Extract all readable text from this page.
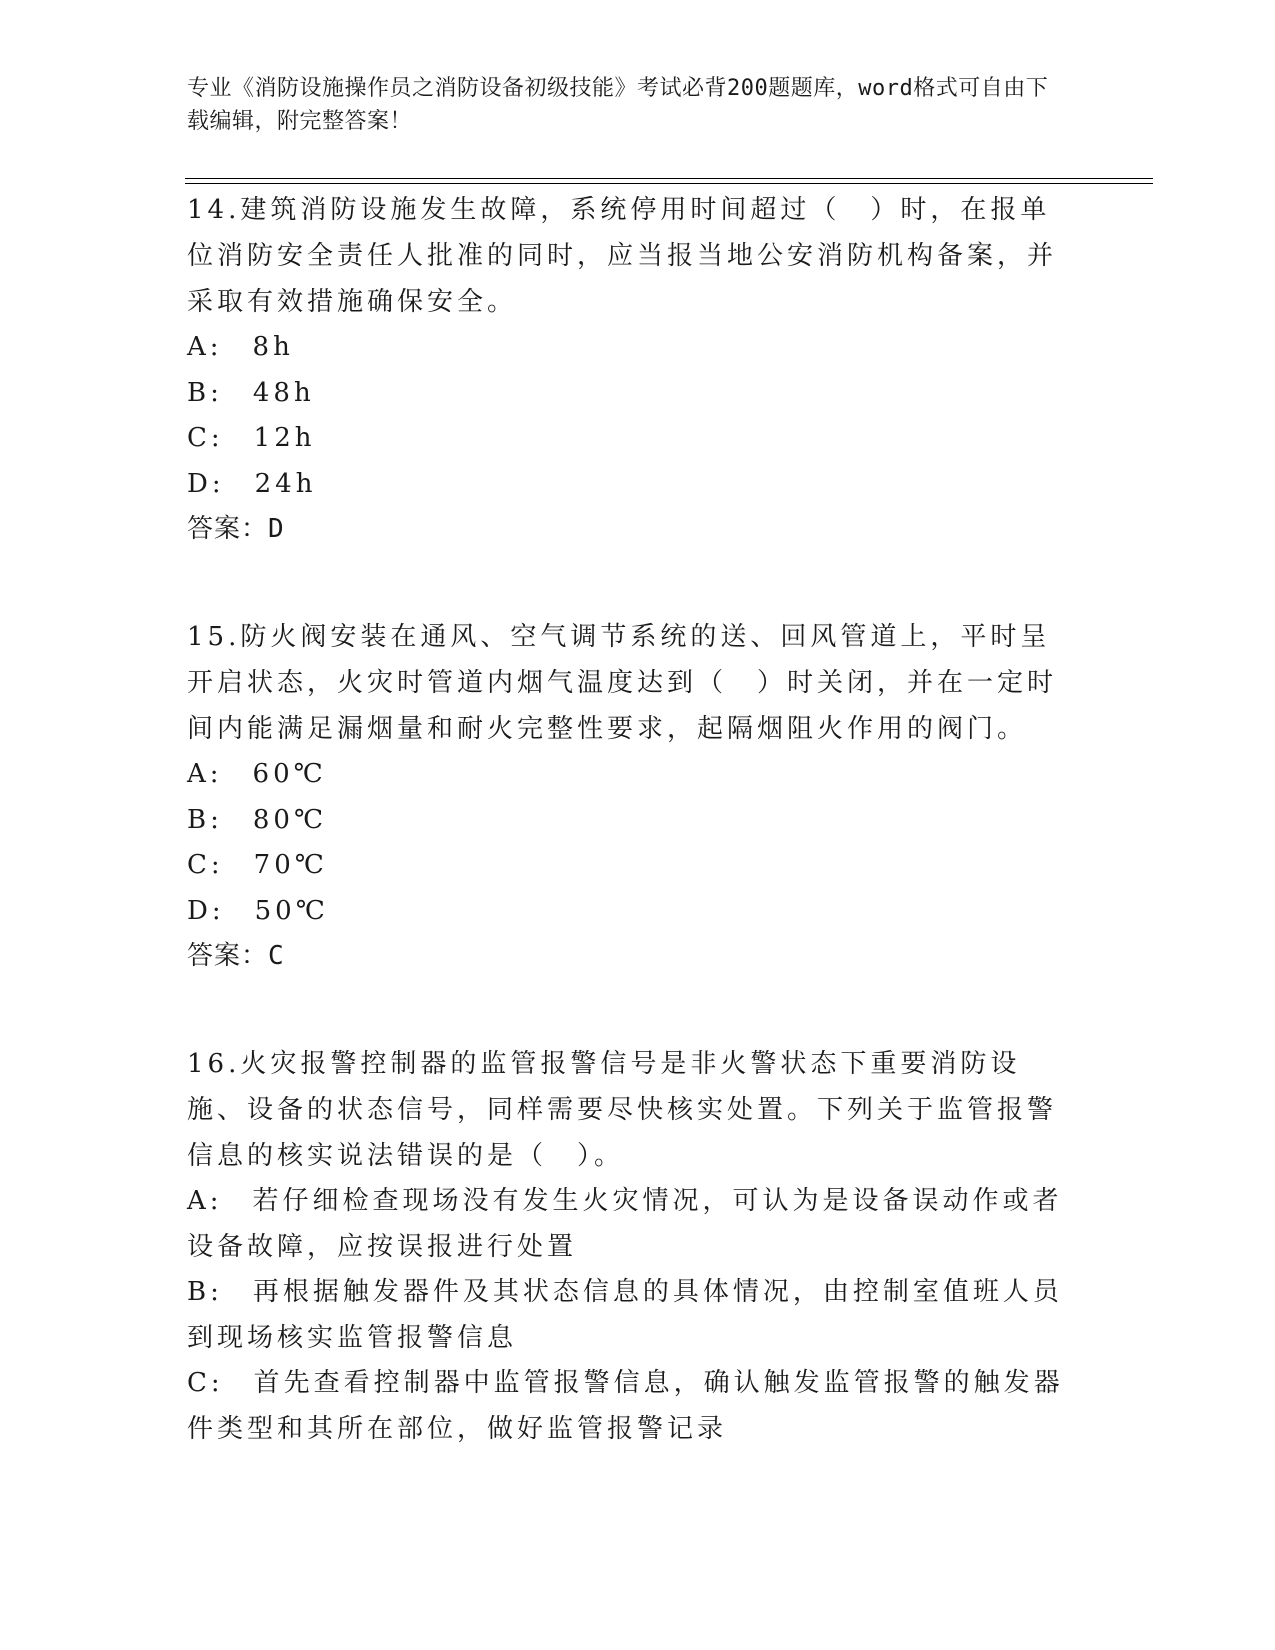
专业《消防设施操作员之消防设备初级技能》考试必背200题题库，word格式可自由下载编辑，附完整答案！

14.建筑消防设施发生故障，系统停用时间超过（　）时，在报单位消防安全责任人批准的同时，应当报当地公安消防机构备案，并采取有效措施确保安全。

A:　8h

B:　48h

C:　12h

D:　24h

答案：D

15.防火阀安装在通风、空气调节系统的送、回风管道上，平时呈开启状态，火灾时管道内烟气温度达到（　）时关闭，并在一定时间内能满足漏烟量和耐火完整性要求，起隔烟阻火作用的阀门。

A:　60℃

B:　80℃

C:　70℃

D:　50℃

答案：C

16.火灾报警控制器的监管报警信号是非火警状态下重要消防设施、设备的状态信号，同样需要尽快核实处置。下列关于监管报警信息的核实说法错误的是（　）。

A:　若仔细检查现场没有发生火灾情况，可认为是设备误动作或者设备故障，应按误报进行处置

B:　再根据触发器件及其状态信息的具体情况，由控制室值班人员到现场核实监管报警信息

C:　首先查看控制器中监管报警信息，确认触发监管报警的触发器件类型和其所在部位，做好监管报警记录
